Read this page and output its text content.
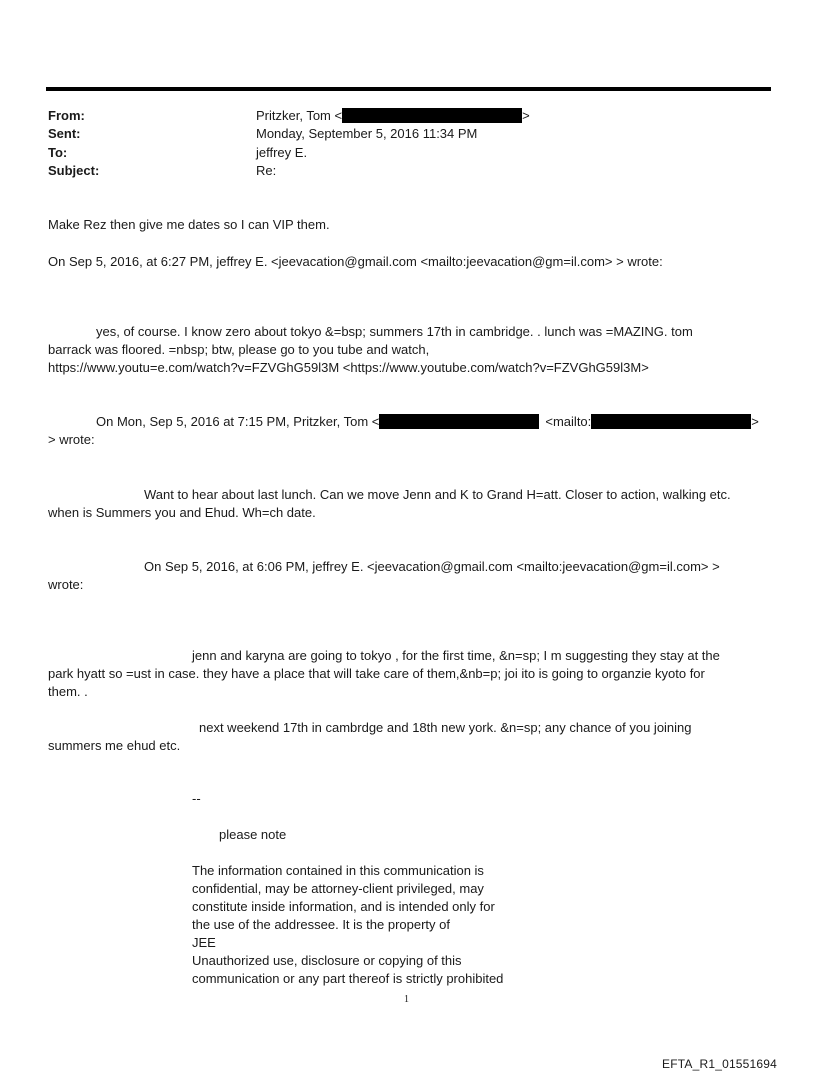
From:	Pritzker, Tom <	>
Sent:	Monday, September 5, 2016 11:34 PM
To:	jeffrey E.
Subject:	Re:
Make Rez then give me dates so I can VIP them.
On Sep 5, 2016, at 6:27 PM, jeffrey E. <jeevacation@gmail.com <mailto:jeevacation@gm=il.com> > wrote:
yes, of course. I know zero about tokyo &=bsp; summers 17th in cambridge. . lunch was =MAZING. tom
barrack was floored. =nbsp; btw, please go to you tube and watch,
https://www.youtu=e.com/watch?v=FZVGhG59l3M <https://www.youtube.com/watch?v=FZVGhG59l3M>
On Mon, Sep 5, 2016 at 7:15 PM, Pritzker, Tom <	<mailto:	>
> wrote:
Want to hear about last lunch. Can we move Jenn and K to Grand H=att. Closer to action, walking etc.
when is Summers you and Ehud. Wh=ch date.
On Sep 5, 2016, at 6:06 PM, jeffrey E. <jeevacation@gmail.com <mailto:jeevacation@gm=il.com> >
wrote:
jenn and karyna are going to tokyo , for the first time, &n=sp; I m suggesting they stay at the
park hyatt so =ust in case. they have a place that will take care of them,&nb=p; joi ito is going to organzie kyoto for
them. .
next weekend 17th in cambrdge and 18th new york. &n=sp; any chance of you joining
summers me ehud etc.
--
please note
The information contained in this communication is
confidential, may be attorney-client privileged, may
constitute inside information, and is intended only for
the use of the addressee. It is the property of
JEE
Unauthorized use, disclosure or copying of this
communication or any part thereof is strictly prohibited
1
EFTA_R1_01551694
